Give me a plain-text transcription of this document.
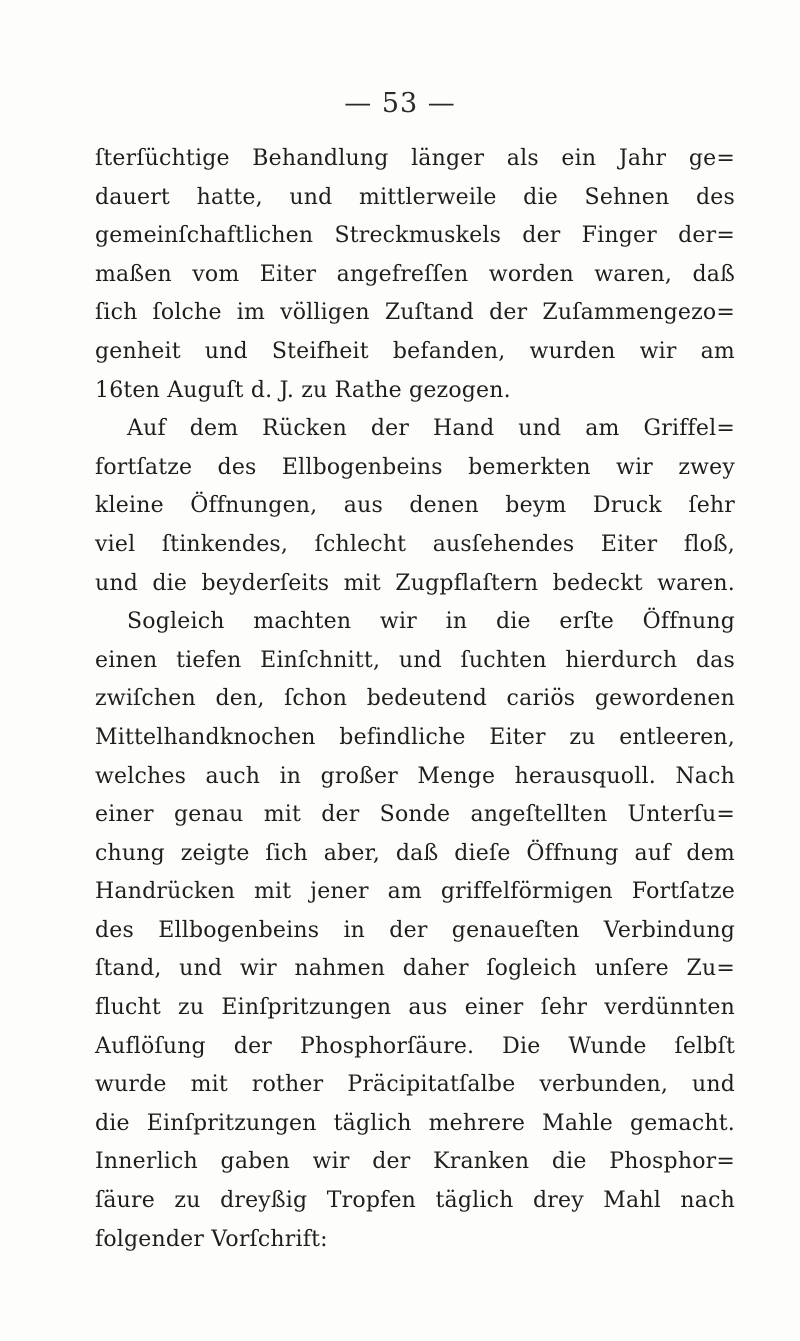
— 53 —
ſterſüchtige Behandlung länger als ein Jahr ge=
dauert hatte, und mittlerweile die Sehnen des
gemeinſchaftlichen Streckmuskels der Finger der=
maßen vom Eiter angefreſſen worden waren, daß
ſich ſolche im völligen Zuſtand der Zuſammengezo=
genheit und Steifheit befanden, wurden wir am
16ten Auguſt d. J. zu Rathe gezogen.
Auf dem Rücken der Hand und am Griffel=
fortſatze des Ellbogenbeins bemerkten wir zwey
kleine Öffnungen, aus denen beym Druck ſehr
viel ſtinkendes, ſchlecht ausſehendes Eiter floß,
und die beyderſeits mit Zugpflaſtern bedeckt waren.
Sogleich machten wir in die erſte Öffnung
einen tiefen Einſchnitt, und ſuchten hierdurch das
zwiſchen den, ſchon bedeutend cariös gewordenen
Mittelhandknochen befindliche Eiter zu entleeren,
welches auch in großer Menge herausquoll. Nach
einer genau mit der Sonde angeſtellten Unterſu=
chung zeigte ſich aber, daß dieſe Öffnung auf dem
Handrücken mit jener am griffelförmigen Fortſatze
des Ellbogenbeins in der genaueſten Verbindung
ſtand, und wir nahmen daher ſogleich unſere Zu=
flucht zu Einſpritzungen aus einer ſehr verdünnten
Auflöſung der Phosphorſäure. Die Wunde ſelbſt
wurde mit rother Präcipitatſalbe verbunden, und
die Einſpritzungen täglich mehrere Mahle gemacht.
Innerlich gaben wir der Kranken die Phosphor=
ſäure zu dreyßig Tropfen täglich drey Mahl nach
folgender Vorſchrift:
